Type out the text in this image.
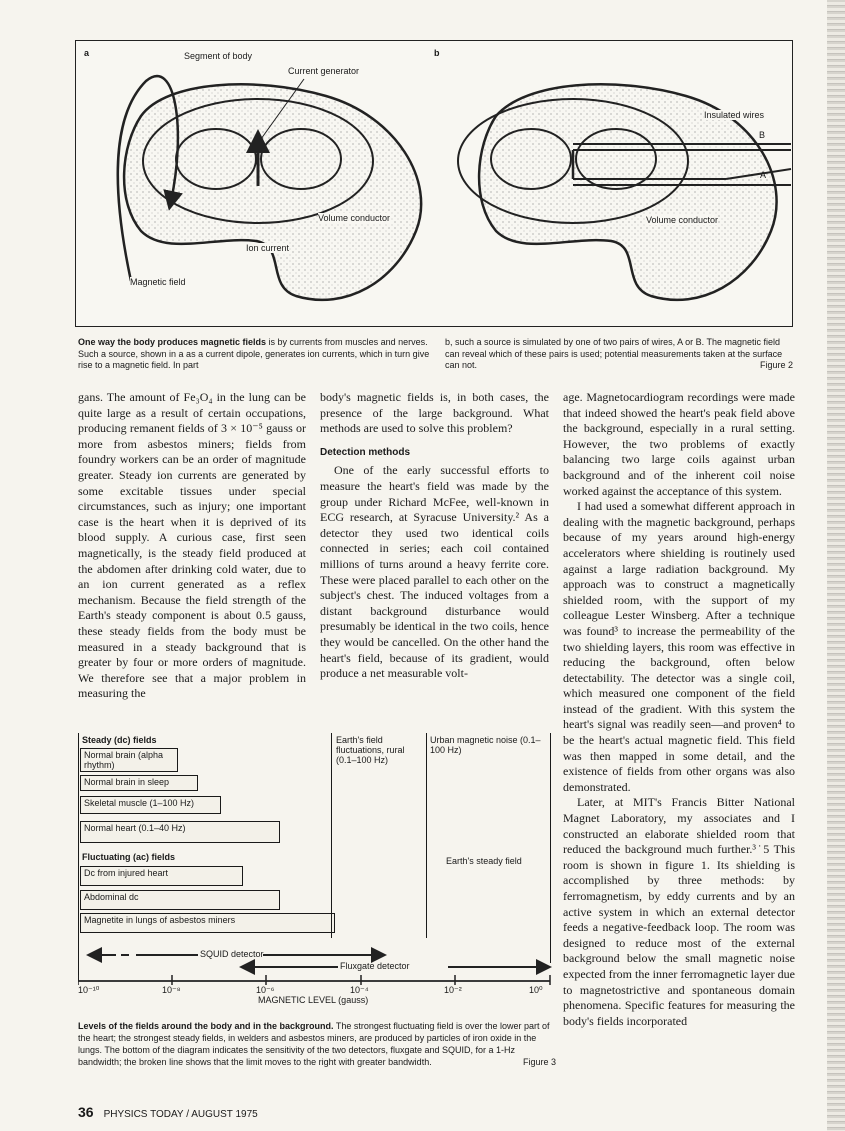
a	b
Segment of body
Current generator
Volume conductor
Ion current
Magnetic field
Insulated wires
B
A
Volume conductor
One way the body produces magnetic fields is by currents from muscles and nerves. Such a source, shown in a as a current dipole, generates ion currents, which in turn give rise to a magnetic field. In part
b, such a source is simulated by one of two pairs of wires, A or B. The magnetic field can reveal which of these pairs is used; potential measurements taken at the surface can not.	Figure 2

gans. The amount of Fe₃O₄ in the lung can be quite large as a result of certain occupations, producing remanent fields of 3 × 10⁻⁵ gauss or more from asbestos miners; fields from foundry workers can be an order of magnitude greater. Steady ion currents are generated by some excitable tissues under special circumstances, such as injury; one important case is the heart when it is deprived of its blood supply. A curious case, first seen magnetically, is the steady field produced at the abdomen after drinking cold water, due to an ion current generated as a reflex mechanism. Because the field strength of the Earth's steady component is about 0.5 gauss, these steady fields from the body must be measured in a steady background that is greater by four or more orders of magnitude. We therefore see that a major problem in measuring the

body's magnetic fields is, in both cases, the presence of the large background. What methods are used to solve this problem?

Detection methods

One of the early successful efforts to measure the heart's field was made by the group under Richard McFee, well-known in ECG research, at Syracuse University.² As a detector they used two identical coils connected in series; each coil contained millions of turns around a heavy ferrite core. These were placed parallel to each other on the subject's chest. The induced voltages from a distant background disturbance would presumably be identical in the two coils, hence they would be cancelled. On the other hand the heart's field, because of its gradient, would produce a net measurable volt-

age. Magnetocardiogram recordings were made that indeed showed the heart's peak field above the background, especially in a rural setting. However, the two problems of exactly balancing two large coils against urban background and of the inherent coil noise worked against the acceptance of this system.

I had used a somewhat different approach in dealing with the magnetic background, perhaps because of my years around high-energy accelerators where shielding is routinely used against a large radiation background. My approach was to construct a magnetically shielded room, with the support of my colleague Lester Winsberg. After a technique was found³ to increase the permeability of the two shielding layers, this room was effective in reducing the background, often below detectability. The detector was a single coil, which measured one component of the field instead of the gradient. With this system the heart's signal was readily seen—and proven⁴ to be the heart's actual magnetic field. This field was then mapped in some detail, and the existence of fields from other organs was also demonstrated.

Later, at MIT's Francis Bitter National Magnet Laboratory, my associates and I constructed an elaborate shielded room that reduced the background much further.³˙5 This room is shown in figure 1. Its shielding is accomplished by three methods: by ferromagnetism, by eddy currents and by an active system in which an external detector feeds a negative-feedback loop. The room was designed to reduce most of the external background below the small magnetic noise expected from the inner ferromagnetic layer due to magnetostrictive and spontaneous domain phenomena. Specific features for measuring the body's fields incorporated

Steady (dc) fields
Normal brain (alpha rhythm)
Normal brain in sleep
Skeletal muscle (1–100 Hz)
Normal heart (0.1–40 Hz)
Fluctuating (ac) fields
Dc from injured heart
Abdominal dc
Magnetite in lungs of asbestos miners
Earth's field fluctuations, rural (0.1–100 Hz)
Urban magnetic noise (0.1–100 Hz)
Earth's steady field
SQUID detector
Fluxgate detector
10⁻¹⁰	10⁻⁸	10⁻⁶	10⁻⁴	10⁻²	10⁰
MAGNETIC LEVEL (gauss)
Levels of the fields around the body and in the background. The strongest fluctuating field is over the lower part of the heart; the strongest steady fields, in welders and asbestos miners, are produced by particles of iron oxide in the lungs. The bottom of the diagram indicates the sensitivity of the two detectors, fluxgate and SQUID, for a 1-Hz bandwidth; the broken line shows that the limit moves to the right with greater bandwidth.	Figure 3
36 PHYSICS TODAY / AUGUST 1975
